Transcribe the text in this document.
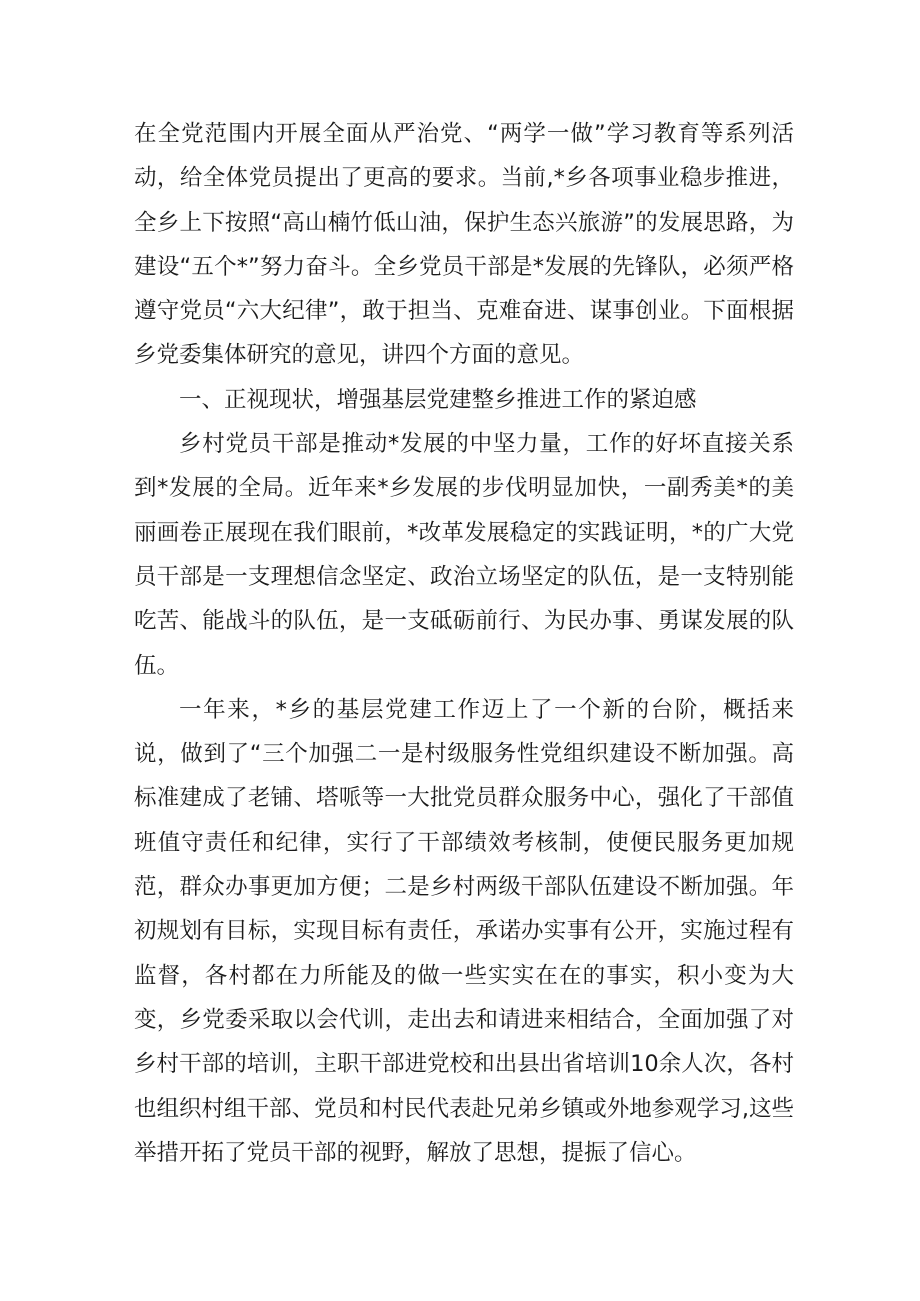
在全党范围内开展全面从严治党、“两学一做”学习教育等系列活动，给全体党员提出了更高的要求。当前,*乡各项事业稳步推进，全乡上下按照“高山楠竹低山油，保护生态兴旅游”的发展思路，为建设“五个*”努力奋斗。全乡党员干部是*发展的先锋队，必须严格遵守党员“六大纪律”，敢于担当、克难奋进、谋事创业。下面根据乡党委集体研究的意见，讲四个方面的意见。

一、正视现状，增强基层党建整乡推进工作的紧迫感

乡村党员干部是推动*发展的中坚力量，工作的好坏直接关系到*发展的全局。近年来*乡发展的步伐明显加快，一副秀美*的美丽画卷正展现在我们眼前，*改革发展稳定的实践证明，*的广大党员干部是一支理想信念坚定、政治立场坚定的队伍，是一支特别能吃苦、能战斗的队伍，是一支砥砺前行、为民办事、勇谋发展的队伍。

一年来，*乡的基层党建工作迈上了一个新的台阶，概括来说，做到了“三个加强二一是村级服务性党组织建设不断加强。高标准建成了老铺、塔哌等一大批党员群众服务中心，强化了干部值班值守责任和纪律，实行了干部绩效考核制，使便民服务更加规范，群众办事更加方便；二是乡村两级干部队伍建设不断加强。年初规划有目标，实现目标有责任，承诺办实事有公开，实施过程有监督，各村都在力所能及的做一些实实在在的事实，积小变为大变，乡党委采取以会代训，走出去和请进来相结合，全面加强了对乡村干部的培训，主职干部进党校和出县出省培训10余人次，各村也组织村组干部、党员和村民代表赴兄弟乡镇或外地参观学习,这些举措开拓了党员干部的视野，解放了思想，提振了信心。
